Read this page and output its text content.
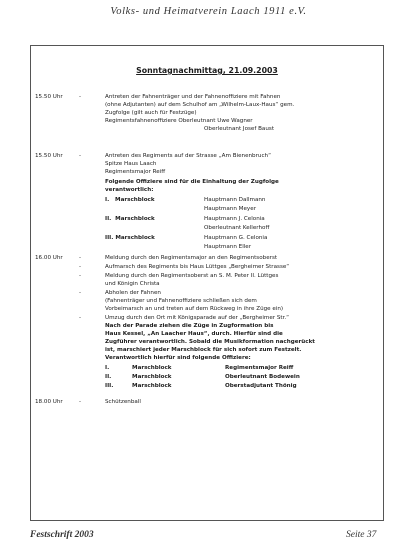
Volks- und Heimatverein Laach 1911 e.V.
Sonntagnachmittag, 21.09.2003
15.50 Uhr	-	Antreten der Fahnenträger und der Fahnenoffiziere mit Fahnen
(ohne Adjutanten) auf dem Schulhof am „Wilhelm-Laux-Haus“ gem.
Zugfolge (gilt auch für Festzüge)
Regimentsfahnenoffiziere Oberleutnant Uwe Wagner
Oberleutnant Josef Baust
15.50 Uhr	-	Antreten des Regiments auf der Strasse „Am Bienenbruch“
Spitze Haus Laach
Regimentsmajor Reiff
Folgende Offiziere sind für die Einhaltung der Zugfolge
verantwortlich:
I.   Marschblock	Hauptmann Dallmann
Hauptmann Meyer
II.  Marschblock	Hauptmann J. Celonia
Oberleutnant Kellerhoff
III. Marschblock	Hauptmann G. Celonia
Hauptmann Eller
16.00 Uhr	-	Meldung durch den Regimentsmajor an den Regimentsoberst
-	Aufmarsch des Regiments bis Haus Lüttges „Bergheimer Strasse“
-	Meldung durch den Regimentsoberst an S. M. Peter II. Lüttges
und Königin Christa
-	Abholen der Fahnen
(Fahnenträger und Fahnenoffiziere schließen sich dem
Vorbeimarsch an und treten auf dem Rückweg in ihre Züge ein)
-	Umzug durch den Ort mit Königsparade auf der „Bergheimer Str.“
Nach der Parade ziehen die Züge in Zugformation bis
Haus Kessel, „An Laacher Haus“, durch. Hierfür sind die
Zugführer verantwortlich. Sobald die Musikformation nachgerückt
ist, marschiert jeder Marschblock für sich sofort zum Festzelt.
Verantwortlich hierfür sind folgende Offiziere:
I.	Marschblock	Regimentsmajor Reiff
II.	Marschblock	Oberleutnant Bodewein
III.	Marschblock	Oberstadjutant Thönig
18.00 Uhr	-	Schützenball
Festschrift 2003	Seite 37
